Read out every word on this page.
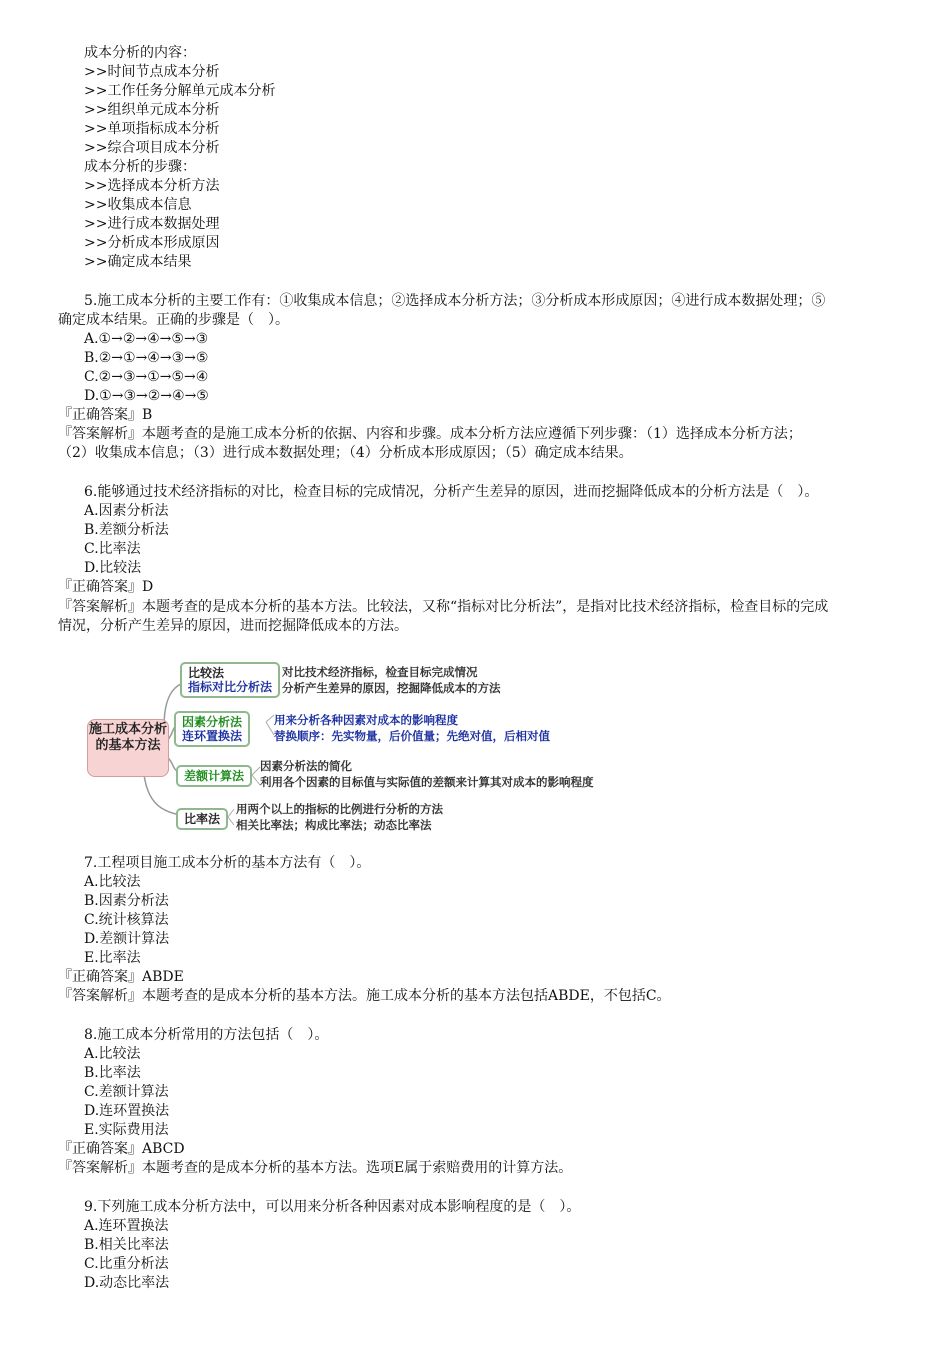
成本分析的内容：
>>时间节点成本分析
>>工作任务分解单元成本分析
>>组织单元成本分析
>>单项指标成本分析
>>综合项目成本分析
成本分析的步骤：
>>选择成本分析方法
>>收集成本信息
>>进行成本数据处理
>>分析成本形成原因
>>确定成本结果
5.施工成本分析的主要工作有：①收集成本信息；②选择成本分析方法；③分析成本形成原因；④进行成本数据处理；⑤
确定成本结果。正确的步骤是（　）。
A.①→②→④→⑤→③
B.②→①→④→③→⑤
C.②→③→①→⑤→④
D.①→③→②→④→⑤
『正确答案』B
『答案解析』本题考查的是施工成本分析的依据、内容和步骤。成本分析方法应遵循下列步骤：（1）选择成本分析方法；
（2）收集成本信息；（3）进行成本数据处理；（4）分析成本形成原因；（5）确定成本结果。
6.能够通过技术经济指标的对比，检查目标的完成情况，分析产生差异的原因，进而挖掘降低成本的分析方法是（　）。
A.因素分析法
B.差额分析法
C.比率法
D.比较法
『正确答案』D
『答案解析』本题考查的是成本分析的基本方法。比较法，又称“指标对比分析法”，是指对比技术经济指标，检查目标的完成
情况，分析产生差异的原因，进而挖掘降低成本的方法。
施工成本分析的基本方法
比较法
指标对比分析法
对比技术经济指标，检查目标完成情况
分析产生差异的原因，挖掘降低成本的方法
因素分析法
连环置换法
用来分析各种因素对成本的影响程度
替换顺序：先实物量，后价值量；先绝对值，后相对值
差额计算法
因素分析法的简化
利用各个因素的目标值与实际值的差额来计算其对成本的影响程度
比率法
用两个以上的指标的比例进行分析的方法
相关比率法；构成比率法；动态比率法
7.工程项目施工成本分析的基本方法有（　）。
A.比较法
B.因素分析法
C.统计核算法
D.差额计算法
E.比率法
『正确答案』ABDE
『答案解析』本题考查的是成本分析的基本方法。施工成本分析的基本方法包括ABDE，不包括C。
8.施工成本分析常用的方法包括（　）。
A.比较法
B.比率法
C.差额计算法
D.连环置换法
E.实际费用法
『正确答案』ABCD
『答案解析』本题考查的是成本分析的基本方法。选项E属于索赔费用的计算方法。
9.下列施工成本分析方法中，可以用来分析各种因素对成本影响程度的是（　）。
A.连环置换法
B.相关比率法
C.比重分析法
D.动态比率法
